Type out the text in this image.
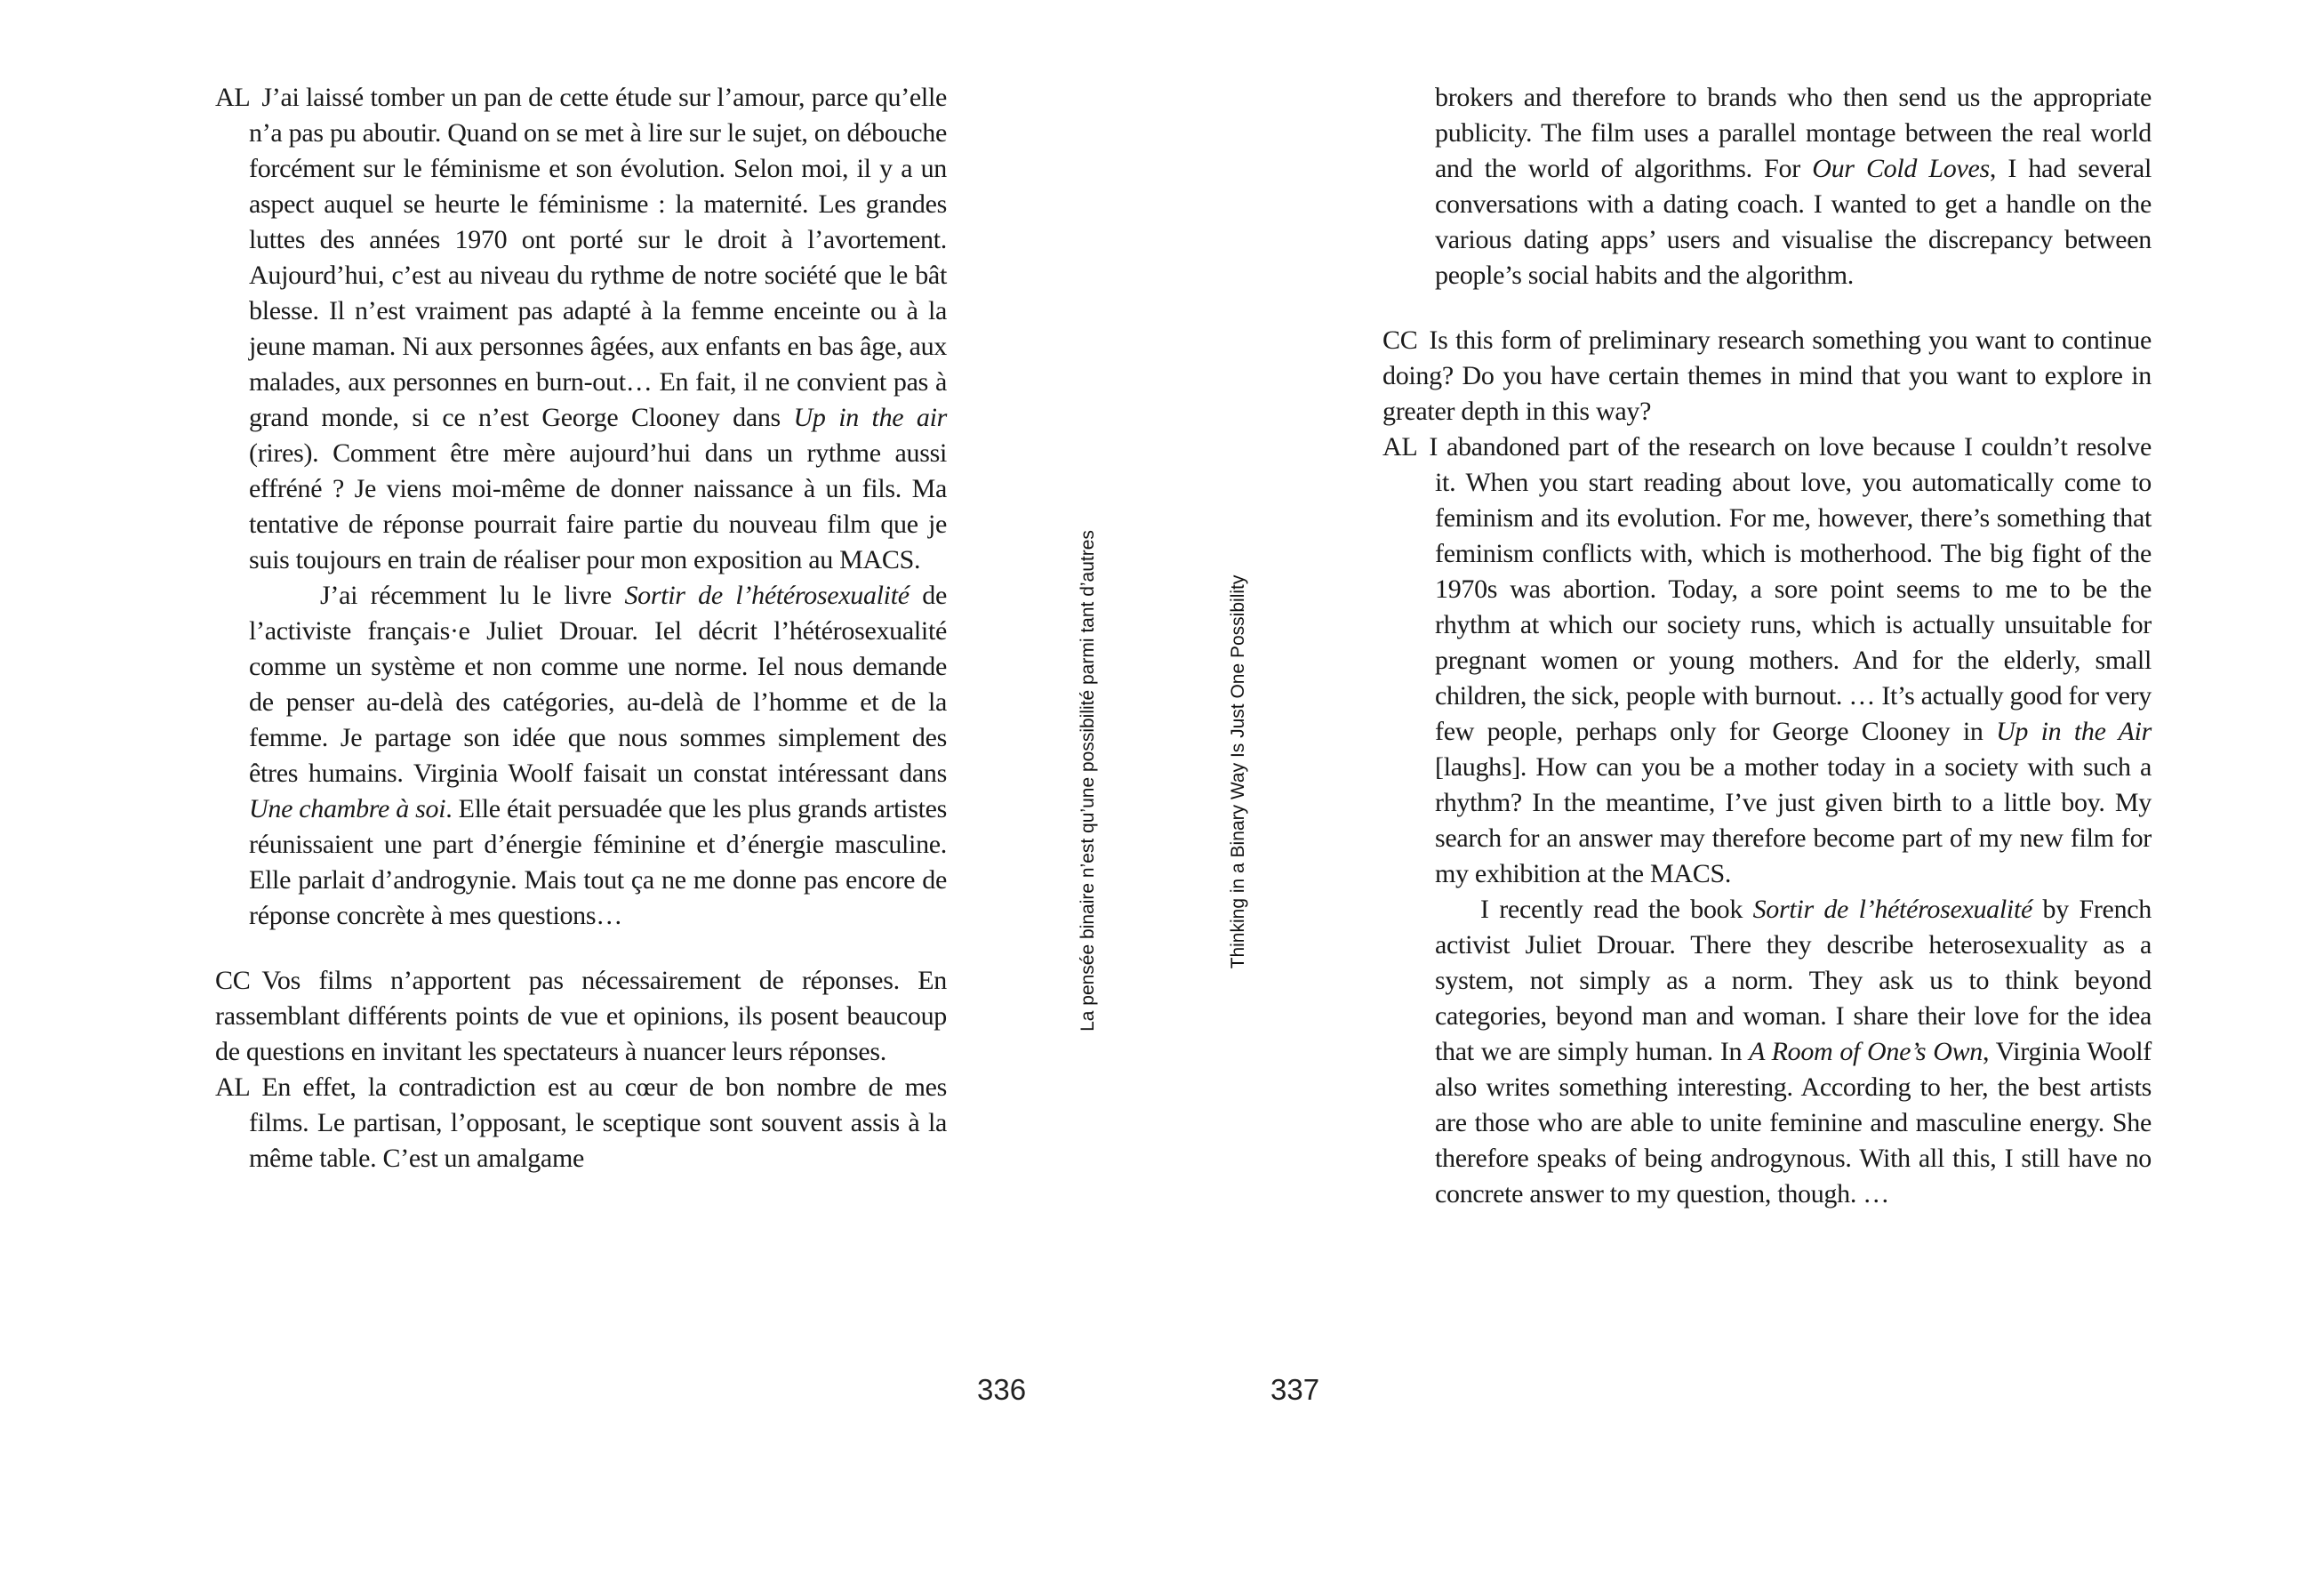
AL J’ai laissé tomber un pan de cette étude sur l’amour, parce qu’elle n’a pas pu aboutir. Quand on se met à lire sur le sujet, on débouche forcément sur le féminisme et son évolution. Selon moi, il y a un aspect auquel se heurte le féminisme : la maternité. Les grandes luttes des années 1970 ont porté sur le droit à l’avortement. Aujourd’hui, c’est au niveau du rythme de notre société que le bât blesse. Il n’est vraiment pas adapté à la femme enceinte ou à la jeune maman. Ni aux personnes âgées, aux enfants en bas âge, aux malades, aux personnes en burn-out… En fait, il ne convient pas à grand monde, si ce n’est George Clooney dans Up in the air (rires). Comment être mère aujourd’hui dans un rythme aussi effréné ? Je viens moi-même de donner naissance à un fils. Ma tentative de réponse pourrait faire partie du nouveau film que je suis toujours en train de réaliser pour mon exposition au MACS.

J’ai récemment lu le livre Sortir de l’hétérosexualité de l’activiste français·e Juliet Drouar. Iel décrit l’hétérosexualité comme un système et non comme une norme. Iel nous demande de penser au-delà des catégories, au-delà de l’homme et de la femme. Je partage son idée que nous sommes simplement des êtres humains. Virginia Woolf faisait un constat intéressant dans Une chambre à soi. Elle était persuadée que les plus grands artistes réunissaient une part d’énergie féminine et d’énergie masculine. Elle parlait d’androgynie. Mais tout ça ne me donne pas encore de réponse concrète à mes questions…

CC Vos films n’apportent pas nécessairement de réponses. En rassemblant différents points de vue et opinions, ils posent beaucoup de questions en invitant les spectateurs à nuancer leurs réponses.

AL En effet, la contradiction est au cœur de bon nombre de mes films. Le partisan, l’opposant, le sceptique sont souvent assis à la même table. C’est un amalgame

La pensée binaire n’est qu’une possibilité parmi tant d’autres
336

brokers and therefore to brands who then send us the appropriate publicity. The film uses a parallel montage between the real world and the world of algorithms. For Our Cold Loves, I had several conversations with a dating coach. I wanted to get a handle on the various dating apps’ users and visualise the discrepancy between people’s social habits and the algorithm.

CC Is this form of preliminary research something you want to continue doing? Do you have certain themes in mind that you want to explore in greater depth in this way?

AL I abandoned part of the research on love because I couldn’t resolve it. When you start reading about love, you automatically come to feminism and its evolution. For me, however, there’s something that feminism conflicts with, which is motherhood. The big fight of the 1970s was abortion. Today, a sore point seems to me to be the rhythm at which our society runs, which is actually unsuitable for pregnant women or young mothers. And for the elderly, small children, the sick, people with burnout. … It’s actually good for very few people, perhaps only for George Clooney in Up in the Air [laughs]. How can you be a mother today in a society with such a rhythm? In the meantime, I’ve just given birth to a little boy. My search for an answer may therefore become part of my new film for my exhibition at the MACS.

I recently read the book Sortir de l’hétérosexualité by French activist Juliet Drouar. There they describe heterosexuality as a system, not simply as a norm. They ask us to think beyond categories, beyond man and woman. I share their love for the idea that we are simply human. In A Room of One’s Own, Virginia Woolf also writes something interesting. According to her, the best artists are those who are able to unite feminine and masculine energy. She therefore speaks of being androgynous. With all this, I still have no concrete answer to my question, though. …

Thinking in a Binary Way Is Just One Possibility
337
